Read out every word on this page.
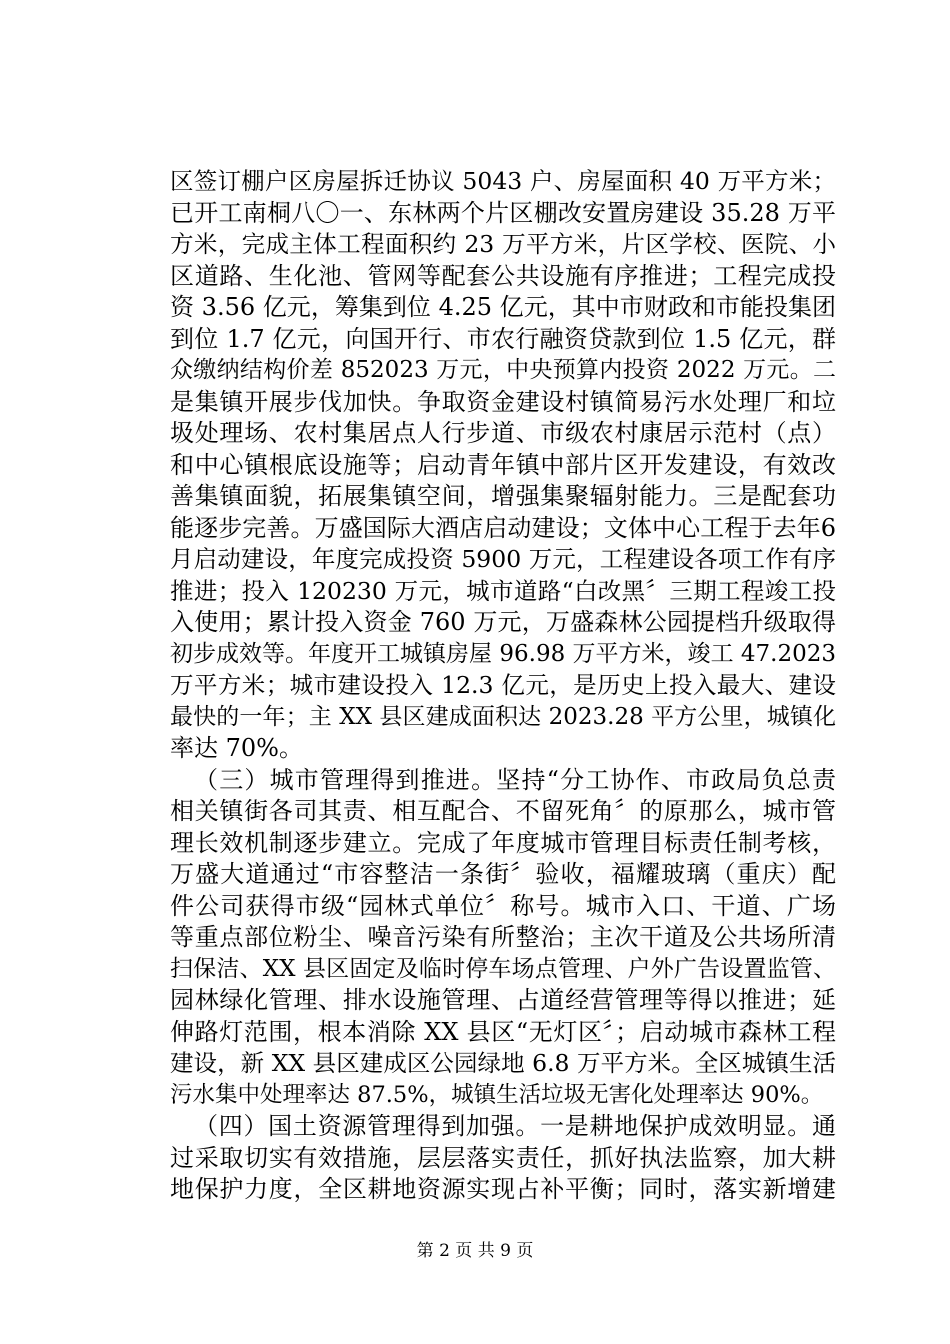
区签订棚户区房屋拆迁协议 5043 户、房屋面积 40 万平方米；

已开工南桐八〇一、东林两个片区棚改安置房建设 35.28 万平

方米，完成主体工程面积约 23 万平方米，片区学校、医院、小

区道路、生化池、管网等配套公共设施有序推进；工程完成投

资 3.56 亿元，筹集到位 4.25 亿元，其中市财政和市能投集团

到位 1.7 亿元，向国开行、市农行融资贷款到位 1.5 亿元，群

众缴纳结构价差 852023 万元，中央预算内投资 2022 万元。二

是集镇开展步伐加快。争取资金建设村镇简易污水处理厂和垃

圾处理场、农村集居点人行步道、市级农村康居示范村（点）

和中心镇根底设施等；启动青年镇中部片区开发建设，有效改

善集镇面貌，拓展集镇空间，增强集聚辐射能力。三是配套功

能逐步完善。万盛国际大酒店启动建设；文体中心工程于去年6

月启动建设，年度完成投资 5900 万元，工程建设各项工作有序

推进；投入 120230 万元，城市道路“白改黑〞三期工程竣工投

入使用；累计投入资金 760 万元，万盛森林公园提档升级取得

初步成效等。年度开工城镇房屋 96.98 万平方米，竣工 47.2023

万平方米；城市建设投入 12.3 亿元，是历史上投入最大、建设

最快的一年；主 XX 县区建成面积达 2023.28 平方公里，城镇化

率达 70%。

（三）城市管理得到推进。坚持“分工协作、市政局负总责

相关镇街各司其责、相互配合、不留死角〞的原那么，城市管

理长效机制逐步建立。完成了年度城市管理目标责任制考核，

万盛大道通过“市容整洁一条街〞验收，福耀玻璃（重庆）配

件公司获得市级“园林式单位〞称号。城市入口、干道、广场

等重点部位粉尘、噪音污染有所整治；主次干道及公共场所清

扫保洁、XX 县区固定及临时停车场点管理、户外广告设置监管、

园林绿化管理、排水设施管理、占道经营管理等得以推进；延

伸路灯范围，根本消除 XX 县区“无灯区〞；启动城市森林工程

建设，新 XX 县区建成区公园绿地 6.8 万平方米。全区城镇生活

污水集中处理率达 87.5%，城镇生活垃圾无害化处理率达 90%。

（四）国土资源管理得到加强。一是耕地保护成效明显。通

过采取切实有效措施，层层落实责任，抓好执法监察，加大耕

地保护力度，全区耕地资源实现占补平衡；同时，落实新增建

第 2 页 共 9 页
